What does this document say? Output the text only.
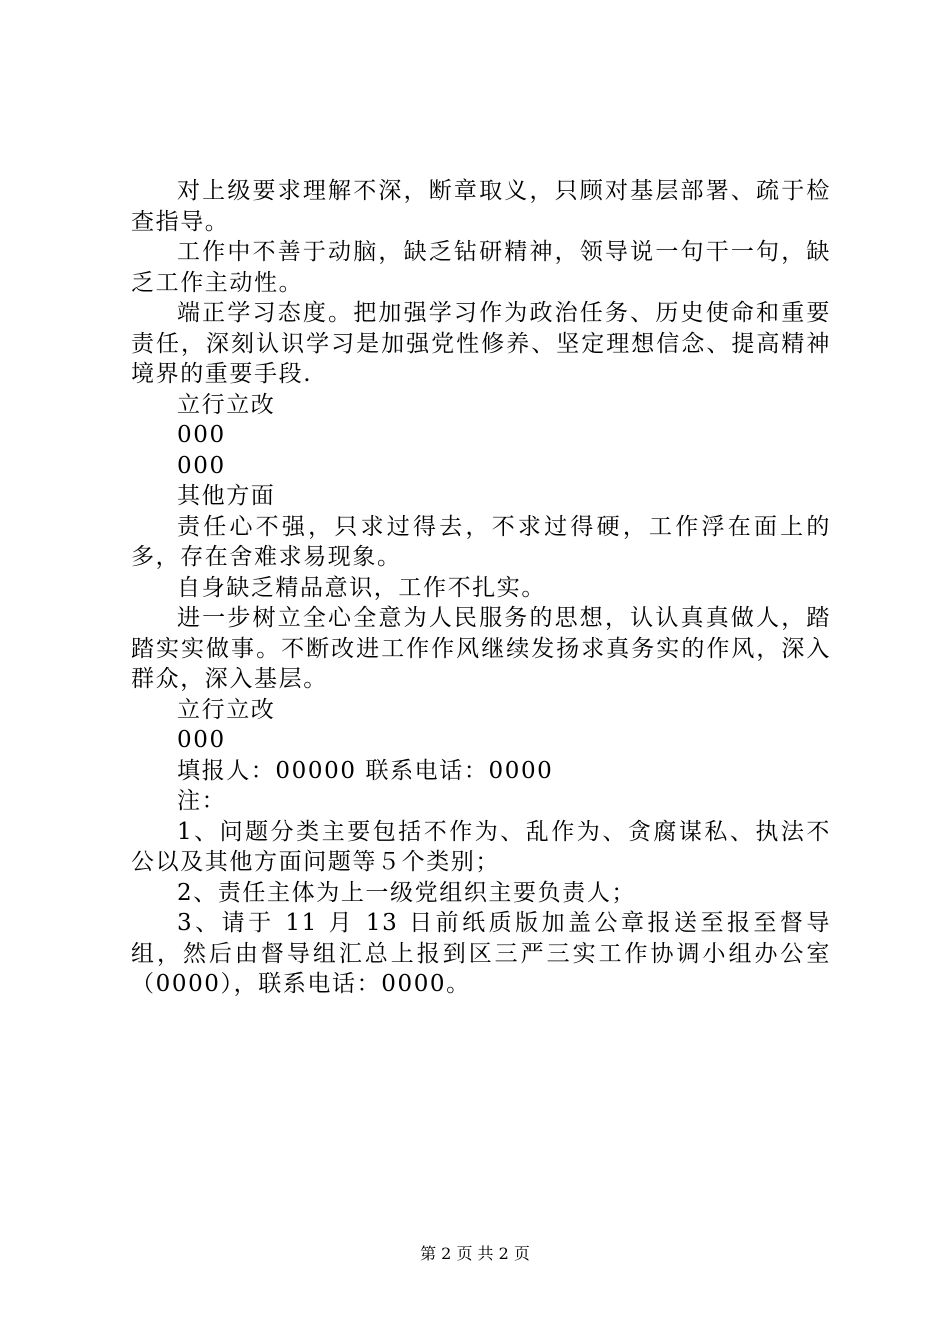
对上级要求理解不深，断章取义，只顾对基层部署、疏于检查指导。

工作中不善于动脑，缺乏钻研精神，领导说一句干一句，缺乏工作主动性。

端正学习态度。把加强学习作为政治任务、历史使命和重要责任，深刻认识学习是加强党性修养、坚定理想信念、提高精神境界的重要手段.

立行立改

000

000

其他方面

责任心不强，只求过得去，不求过得硬，工作浮在面上的多，存在舍难求易现象。

自身缺乏精品意识，工作不扎实。

进一步树立全心全意为人民服务的思想，认认真真做人，踏踏实实做事。不断改进工作作风继续发扬求真务实的作风，深入群众，深入基层。

立行立改

000

填报人：00000 联系电话：0000

注：

1、问题分类主要包括不作为、乱作为、贪腐谋私、执法不公以及其他方面问题等５个类别；

2、责任主体为上一级党组织主要负责人；

3、请于 11 月 13 日前纸质版加盖公章报送至报至督导组，然后由督导组汇总上报到区三严三实工作协调小组办公室（0000），联系电话：0000。

第 2 页 共 2 页
